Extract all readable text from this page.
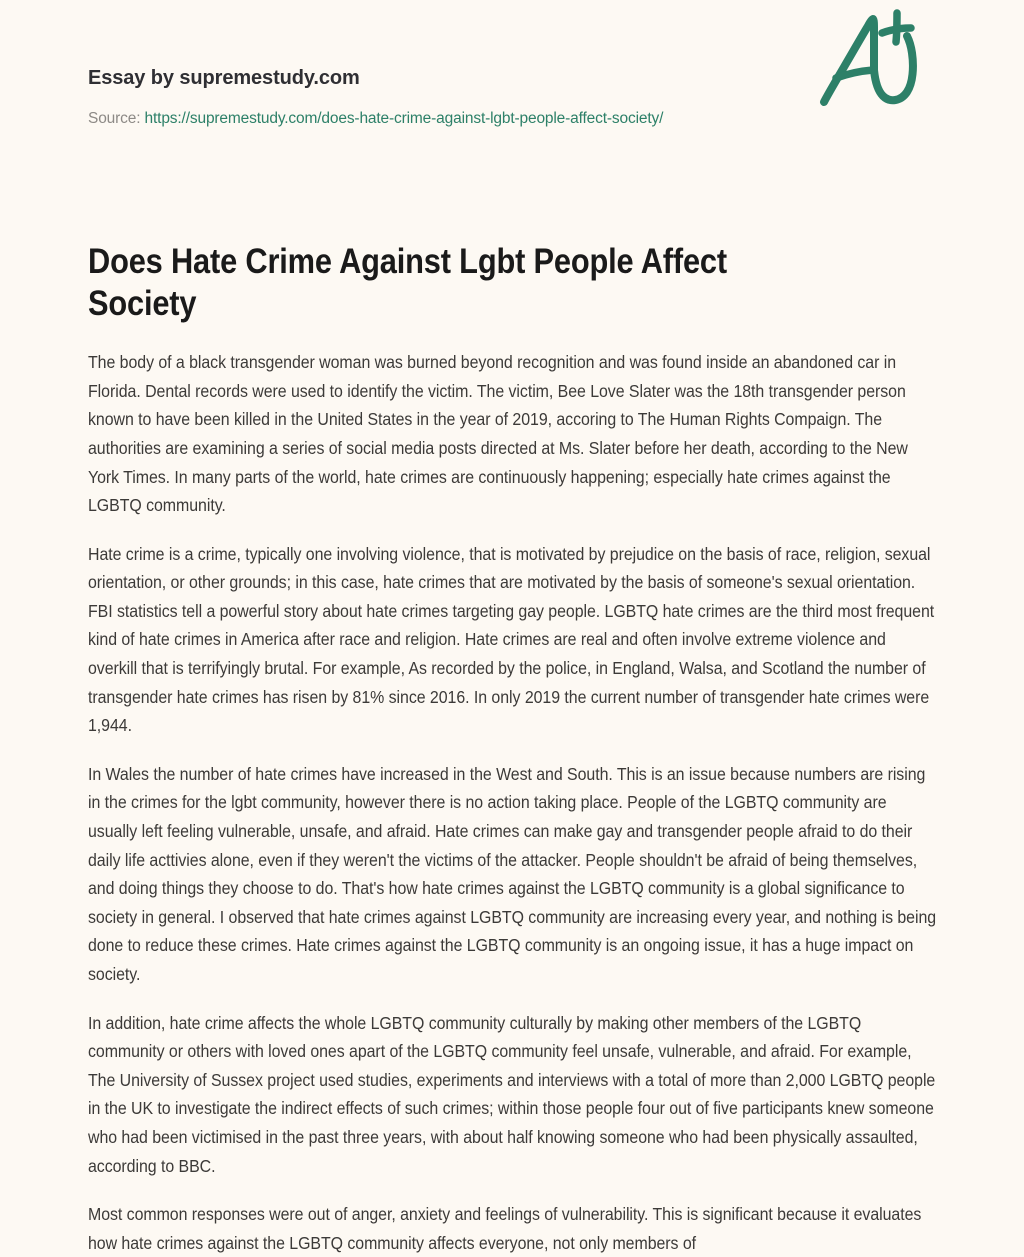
Essay by supremestudy.com

Source: https://supremestudy.com/does-hate-crime-against-lgbt-people-affect-society/
Does Hate Crime Against Lgbt People Affect Society

The body of a black transgender woman was burned beyond recognition and was found inside an abandoned car in Florida. Dental records were used to identify the victim. The victim, Bee Love Slater was the 18th transgender person known to have been killed in the United States in the year of 2019, accoring to The Human Rights Compaign. The authorities are examining a series of social media posts directed at Ms. Slater before her death, according to the New York Times. In many parts of the world, hate crimes are continuously happening; especially hate crimes against the LGBTQ community.

Hate crime is a crime, typically one involving violence, that is motivated by prejudice on the basis of race, religion, sexual orientation, or other grounds; in this case, hate crimes that are motivated by the basis of someone's sexual orientation. FBI statistics tell a powerful story about hate crimes targeting gay people. LGBTQ hate crimes are the third most frequent kind of hate crimes in America after race and religion. Hate crimes are real and often involve extreme violence and overkill that is terrifyingly brutal. For example, As recorded by the police, in England, Walsa, and Scotland the number of transgender hate crimes has risen by 81% since 2016. In only 2019 the current number of transgender hate crimes were 1,944.

In Wales the number of hate crimes have increased in the West and South. This is an issue because numbers are rising in the crimes for the lgbt community, however there is no action taking place. People of the LGBTQ community are usually left feeling vulnerable, unsafe, and afraid. Hate crimes can make gay and transgender people afraid to do their daily life acttivies alone, even if they weren't the victims of the attacker. People shouldn't be afraid of being themselves, and doing things they choose to do. That's how hate crimes against the LGBTQ community is a global significance to society in general. I observed that hate crimes against LGBTQ community are increasing every year, and nothing is being done to reduce these crimes. Hate crimes against the LGBTQ community is an ongoing issue, it has a huge impact on society.

In addition, hate crime affects the whole LGBTQ community culturally by making other members of the LGBTQ community or others with loved ones apart of the LGBTQ community feel unsafe, vulnerable, and afraid. For example, The University of Sussex project used studies, experiments and interviews with a total of more than 2,000 LGBTQ people in the UK to investigate the indirect effects of such crimes; within those people four out of five participants knew someone who had been victimised in the past three years, with about half knowing someone who had been physically assaulted, according to BBC.

Most common responses were out of anger, anxiety and feelings of vulnerability. This is significant because it evaluates how hate crimes against the LGBTQ community affects everyone, not only members of
